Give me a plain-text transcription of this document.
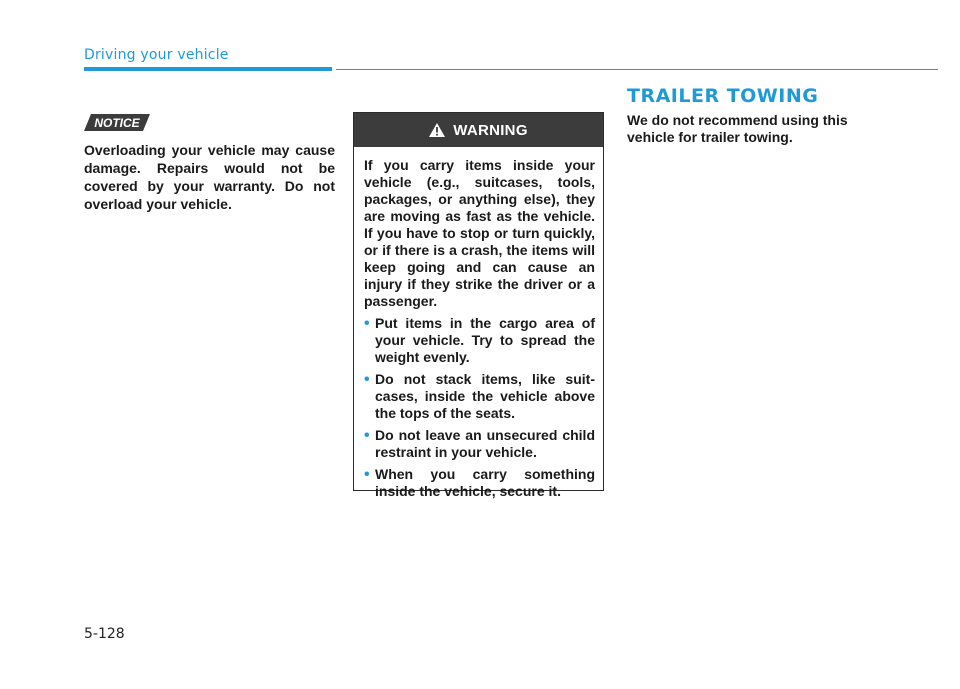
Driving your vehicle
NOTICE
Overloading your vehicle may cause damage. Repairs would not be covered by your warranty. Do not overload your vehicle.
WARNING

If you carry items inside your vehicle (e.g., suitcases, tools, packages, or anything else), they are moving as fast as the vehicle. If you have to stop or turn quickly, or if there is a crash, the items will keep going and can cause an injury if they strike the driver or a passenger.

• Put items in the cargo area of your vehicle. Try to spread the weight evenly.
• Do not stack items, like suit-cases, inside the vehicle above the tops of the seats.
• Do not leave an unsecured child restraint in your vehicle.
• When you carry something inside the vehicle, secure it.
TRAILER TOWING
We do not recommend using this vehicle for trailer towing.
5-128
